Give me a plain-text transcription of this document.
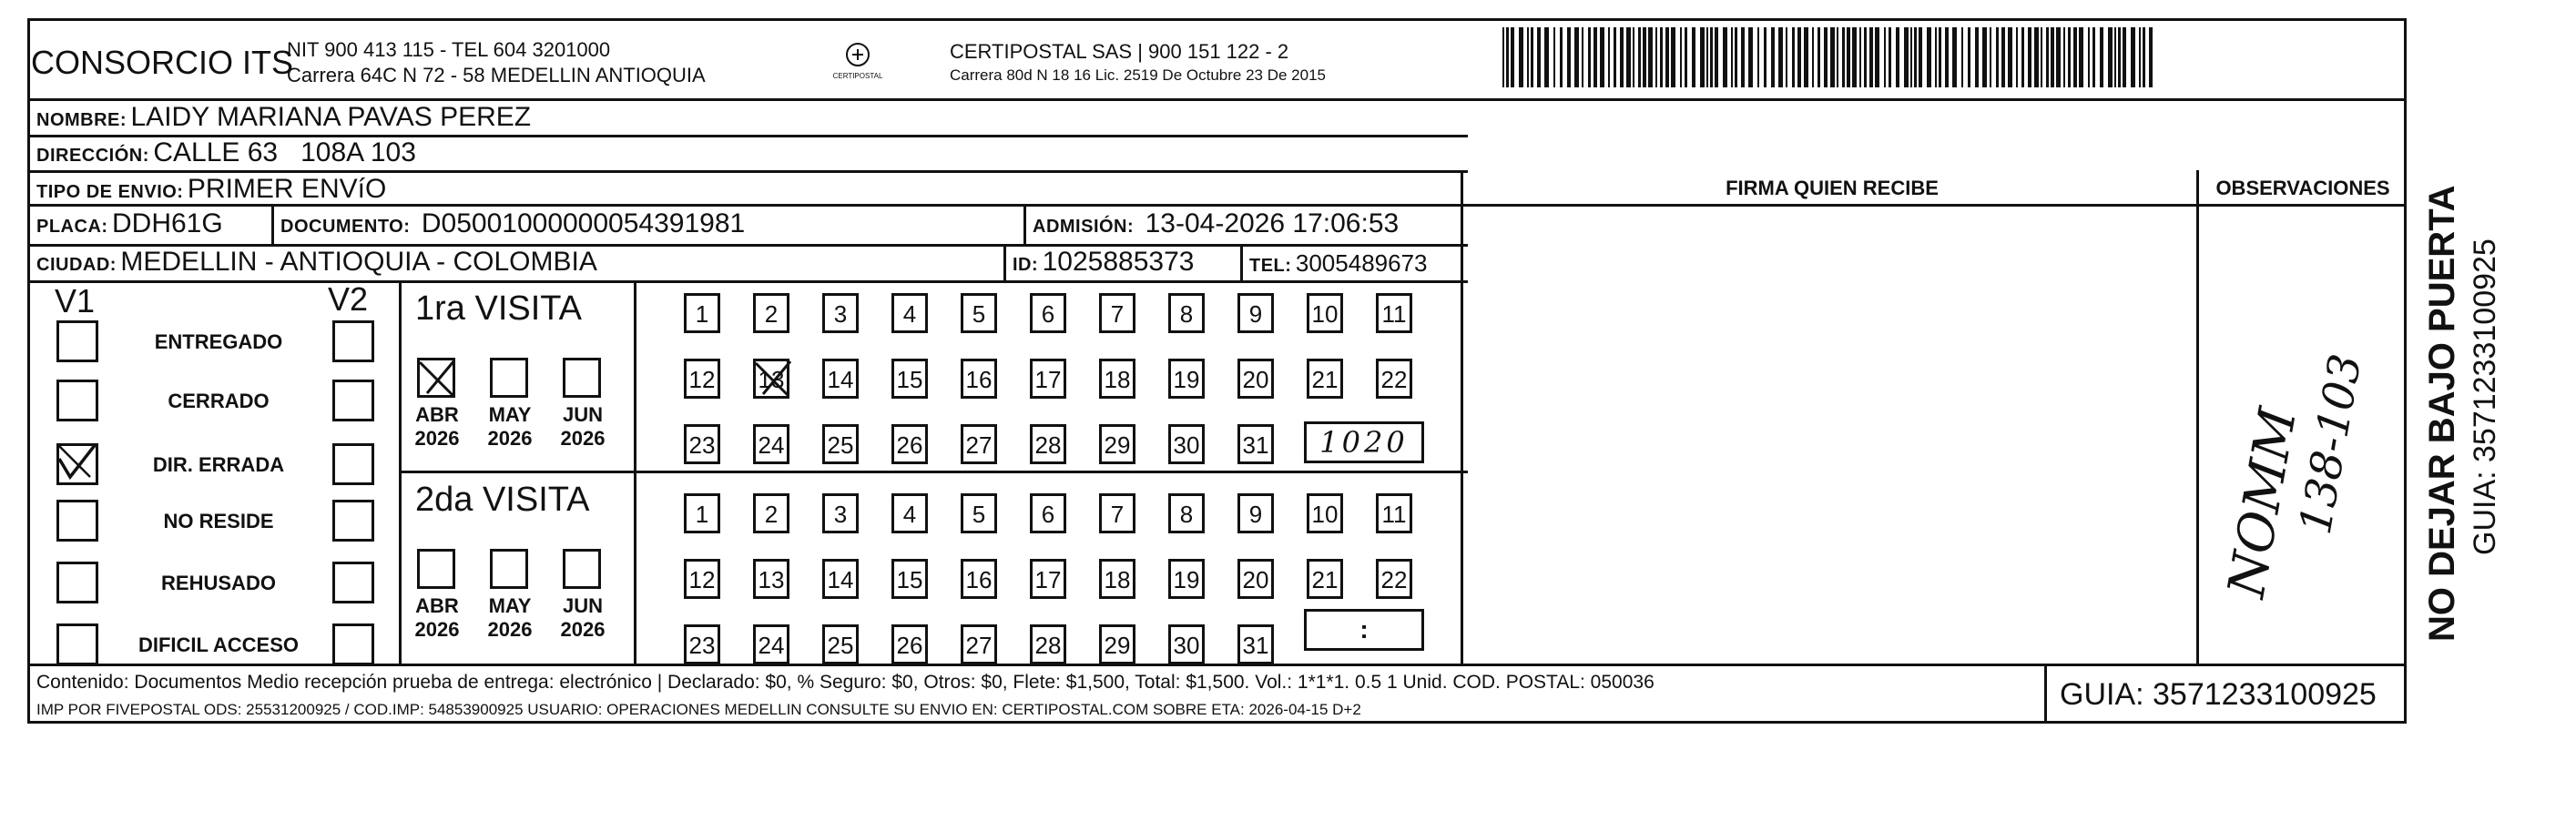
CONSORCIO ITS
NIT 900 413 115 - TEL 604 3201000
Carrera 64C N 72 - 58 MEDELLIN ANTIOQUIA	CERTIPOSTAL
CERTIPOSTAL SAS | 900 151 122 - 2
Carrera 80d N 18 16 Lic. 2519 De Octubre 23 De 2015
NOMBRE: LAIDY MARIANA PAVAS PEREZ
DIRECCIÓN: CALLE 63   108A 103
TIPO DE ENVIO: PRIMER ENVíO
PLACA: DDH61G	DOCUMENTO: D05001000000054391981	ADMISIÓN: 13-04-2026 17:06:53
CIUDAD: MEDELLIN - ANTIOQUIA - COLOMBIA	ID: 1025885373	TEL: 3005489673
FIRMA QUIEN RECIBE	OBSERVACIONES
NOMM
138-103
V1	V2
ENTREGADO
CERRADO
DIR. ERRADA
NO RESIDE
REHUSADO
DIFICIL ACCESO
1ra VISITA
2da VISITA
ABR
2026
MAY
2026
JUN
2026
ABR
2026
MAY
2026
JUN
2026
1	2	3	4	5	6	7	8	9	10 11
12 13 14 15 16 17 18 19 20 21 22
23 24 25 26 27 28 29 30 31
1	2	3	4	5	6	7	8	9	10 11
12 13 14 15 16 17 18 19 20 21 22
23 24 25 26 27 28 29 30 31
1020
:
Contenido: Documentos Medio recepción prueba de entrega: electrónico | Declarado: $0, % Seguro: $0, Otros: $0, Flete: $1,500, Total: $1,500. Vol.: 1*1*1. 0.5 1 Unid. COD. POSTAL: 050036
IMP POR FIVEPOSTAL ODS: 25531200925 / COD.IMP: 54853900925 USUARIO: OPERACIONES MEDELLIN CONSULTE SU ENVIO EN: CERTIPOSTAL.COM SOBRE ETA: 2026-04-15 D+2	GUIA: 3571233100925
NO DEJAR BAJO PUERTA GUIA: 3571233100925
